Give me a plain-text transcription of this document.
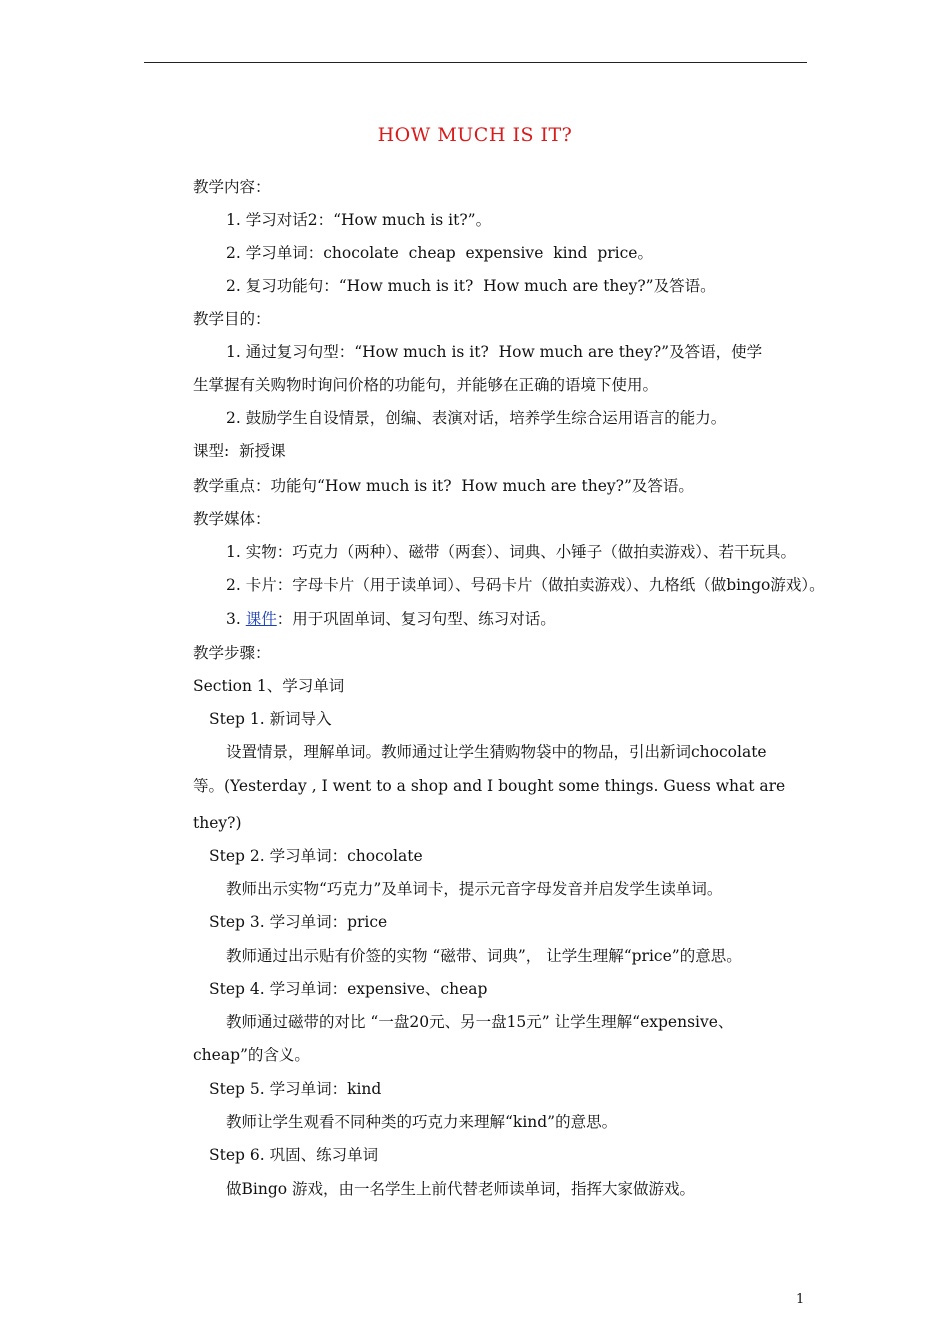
HOW MUCH IS IT?
教学内容：
1. 学习对话2：“How much is it?”。
2. 学习单词：chocolate  cheap  expensive  kind  price。
2. 复习功能句：“How much is it?  How much are they?”及答语。
教学目的：
1. 通过复习句型：“How much is it?  How much are they?”及答语，使学
生掌握有关购物时询问价格的功能句，并能够在正确的语境下使用。
2. 鼓励学生自设情景，创编、表演对话，培养学生综合运用语言的能力。
课型:  新授课
教学重点：功能句“How much is it?  How much are they?”及答语。
教学媒体：
1. 实物：巧克力（两种）、磁带（两套）、词典、小锤子（做拍卖游戏）、若干玩具。
2. 卡片：字母卡片（用于读单词）、号码卡片（做拍卖游戏）、九格纸（做bingo游戏）。
3. 课件：用于巩固单词、复习句型、练习对话。
教学步骤：
Section 1、学习单词
Step 1. 新词导入
设置情景，理解单词。教师通过让学生猜购物袋中的物品，引出新词chocolate
等。(Yesterday , I went to a shop and I bought some things. Guess what are
they?)
Step 2. 学习单词：chocolate
教师出示实物“巧克力”及单词卡，提示元音字母发音并启发学生读单词。
Step 3. 学习单词：price
教师通过出示贴有价签的实物 “磁带、词典”， 让学生理解“price”的意思。
Step 4. 学习单词：expensive、cheap
教师通过磁带的对比 “一盘20元、另一盘15元” 让学生理解“expensive、
cheap”的含义。
Step 5. 学习单词：kind
教师让学生观看不同种类的巧克力来理解“kind”的意思。
Step 6. 巩固、练习单词
做Bingo 游戏，由一名学生上前代替老师读单词，指挥大家做游戏。
1
